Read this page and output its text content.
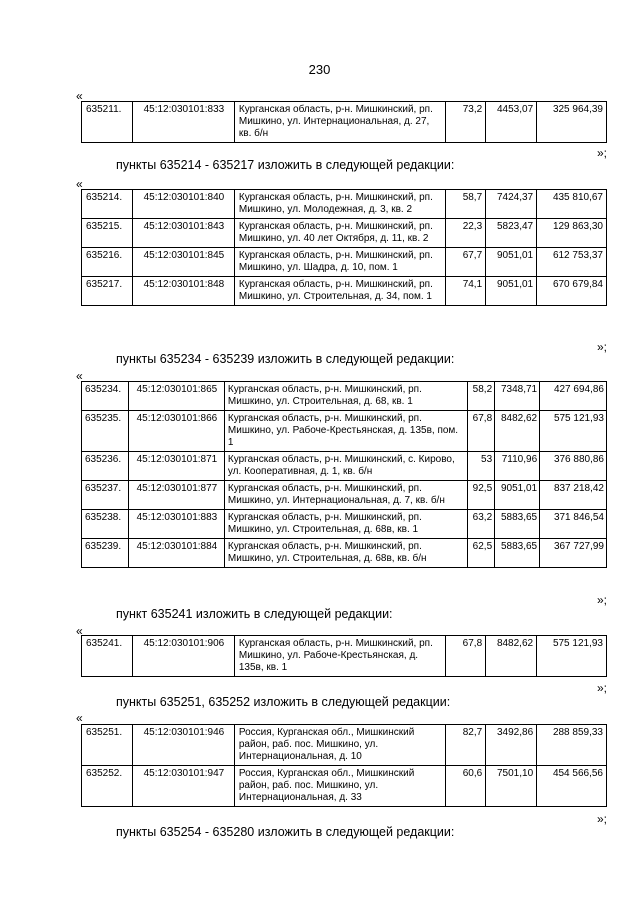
230
«
635211.	45:12:030101:833	Курганская область, р-н. Мишкинский, рп. Мишкино, ул. Интернациональная, д. 27, кв. б/н	73,2	4453,07	325 964,39
»;
пункты 635214 - 635217 изложить в следующей редакции:
«
635214.	45:12:030101:840	Курганская область, р-н. Мишкинский, рп. Мишкино, ул. Молодежная, д. 3, кв. 2	58,7	7424,37	435 810,67
635215.	45:12:030101:843	Курганская область, р-н. Мишкинский, рп. Мишкино, ул. 40 лет Октября, д. 11, кв. 2	22,3	5823,47	129 863,30
635216.	45:12:030101:845	Курганская область, р-н. Мишкинский, рп. Мишкино, ул. Шадра, д. 10, пом. 1	67,7	9051,01	612 753,37
635217.	45:12:030101:848	Курганская область, р-н. Мишкинский, рп. Мишкино, ул. Строительная, д. 34, пом. 1	74,1	9051,01	670 679,84
»;
пункты 635234 - 635239 изложить в следующей редакции:
«
635234.	45:12:030101:865	Курганская область, р-н. Мишкинский, рп. Мишкино, ул. Строительная, д. 68, кв. 1	58,2	7348,71	427 694,86
635235.	45:12:030101:866	Курганская область, р-н. Мишкинский, рп. Мишкино, ул. Рабоче-Крестьянская, д. 135в, пом. 1	67,8	8482,62	575 121,93
635236.	45:12:030101:871	Курганская область, р-н. Мишкинский, с. Кирово, ул. Кооперативная, д. 1, кв. б/н	53	7110,96	376 880,86
635237.	45:12:030101:877	Курганская область, р-н. Мишкинский, рп. Мишкино, ул. Интернациональная, д. 7, кв. б/н	92,5	9051,01	837 218,42
635238.	45:12:030101:883	Курганская область, р-н. Мишкинский, рп. Мишкино, ул. Строительная, д. 68в, кв. 1	63,2	5883,65	371 846,54
635239.	45:12:030101:884	Курганская область, р-н. Мишкинский, рп. Мишкино, ул. Строительная, д. 68в, кв. б/н	62,5	5883,65	367 727,99
»;
пункт 635241 изложить в следующей редакции:
«
635241.	45:12:030101:906	Курганская область, р-н. Мишкинский, рп. Мишкино, ул. Рабоче-Крестьянская, д. 135в, кв. 1	67,8	8482,62	575 121,93
»;
пункты 635251, 635252 изложить в следующей редакции:
«
635251.	45:12:030101:946	Россия, Курганская обл., Мишкинский район, раб. пос. Мишкино, ул. Интернациональная, д. 10	82,7	3492,86	288 859,33
635252.	45:12:030101:947	Россия, Курганская обл., Мишкинский район, раб. пос. Мишкино, ул. Интернациональная, д. 33	60,6	7501,10	454 566,56
»;
пункты 635254 - 635280 изложить в следующей редакции:
